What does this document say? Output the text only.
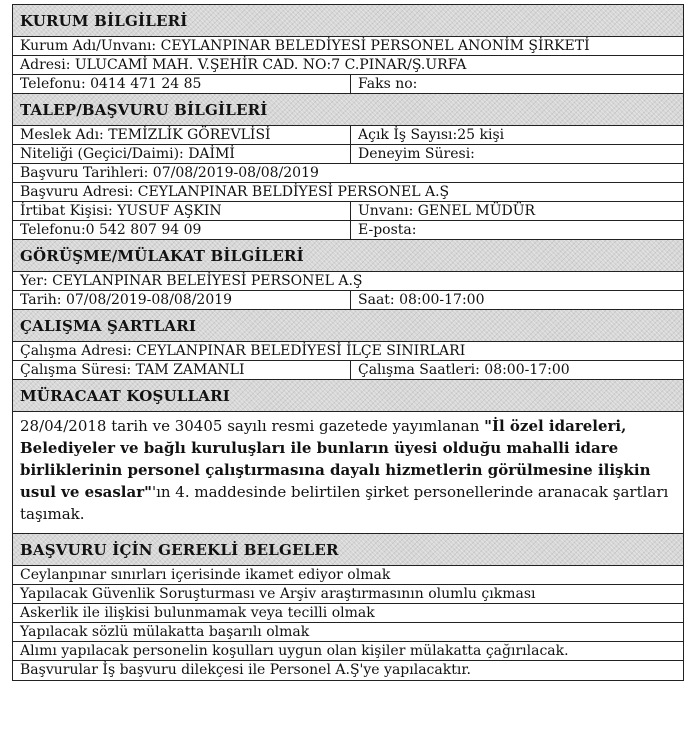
KURUM BİLGİLERİ
Kurum Adı/Unvanı: CEYLANPINAR BELEDİYESİ PERSONEL ANONİM ŞİRKETİ
Adresi: ULUCAMİ MAH. V.ŞEHİR CAD. NO:7 C.PINAR/Ş.URFA
Telefonu: 0414 471 24 85	Faks no:
TALEP/BAŞVURU BİLGİLERİ
Meslek Adı: TEMİZLİK GÖREVLİSİ	Açık İş Sayısı:25 kişi
Niteliği (Geçici/Daimi): DAİMİ	Deneyim Süresi:
Başvuru Tarihleri: 07/08/2019-08/08/2019
Başvuru Adresi: CEYLANPINAR BELDİYESİ PERSONEL A.Ş
İrtibat Kişisi: YUSUF AŞKIN	Unvanı: GENEL MÜDÜR
Telefonu:0 542 807 94 09	E-posta:
GÖRÜŞME/MÜLAKAT BİLGİLERİ
Yer: CEYLANPINAR BELEİYESİ PERSONEL A.Ş
Tarih: 07/08/2019-08/08/2019	Saat: 08:00-17:00
ÇALIŞMA ŞARTLARI
Çalışma Adresi: CEYLANPINAR BELEDİYESİ İLÇE SINIRLARI
Çalışma Süresi: TAM ZAMANLI	Çalışma Saatleri: 08:00-17:00
MÜRACAAT KOŞULLARI
28/04/2018 tarih ve 30405 sayılı resmi gazetede yayımlanan "İl özel idareleri, Belediyeler ve bağlı kuruluşları ile bunların üyesi olduğu mahalli idare birliklerinin personel çalıştırmasına dayalı hizmetlerin görülmesine ilişkin usul ve esaslar"'ın 4. maddesinde belirtilen şirket personellerinde aranacak şartları taşımak.
BAŞVURU İÇİN GEREKLİ BELGELER
Ceylanpınar sınırları içerisinde ikamet ediyor olmak
Yapılacak Güvenlik Soruşturması ve Arşiv araştırmasının olumlu çıkması
Askerlik ile ilişkisi bulunmamak veya tecilli olmak
Yapılacak sözlü mülakatta başarılı olmak
Alımı yapılacak personelin koşulları uygun olan kişiler mülakatta çağırılacak.
Başvurular İş başvuru dilekçesi ile Personel A.Ş'ye yapılacaktır.
